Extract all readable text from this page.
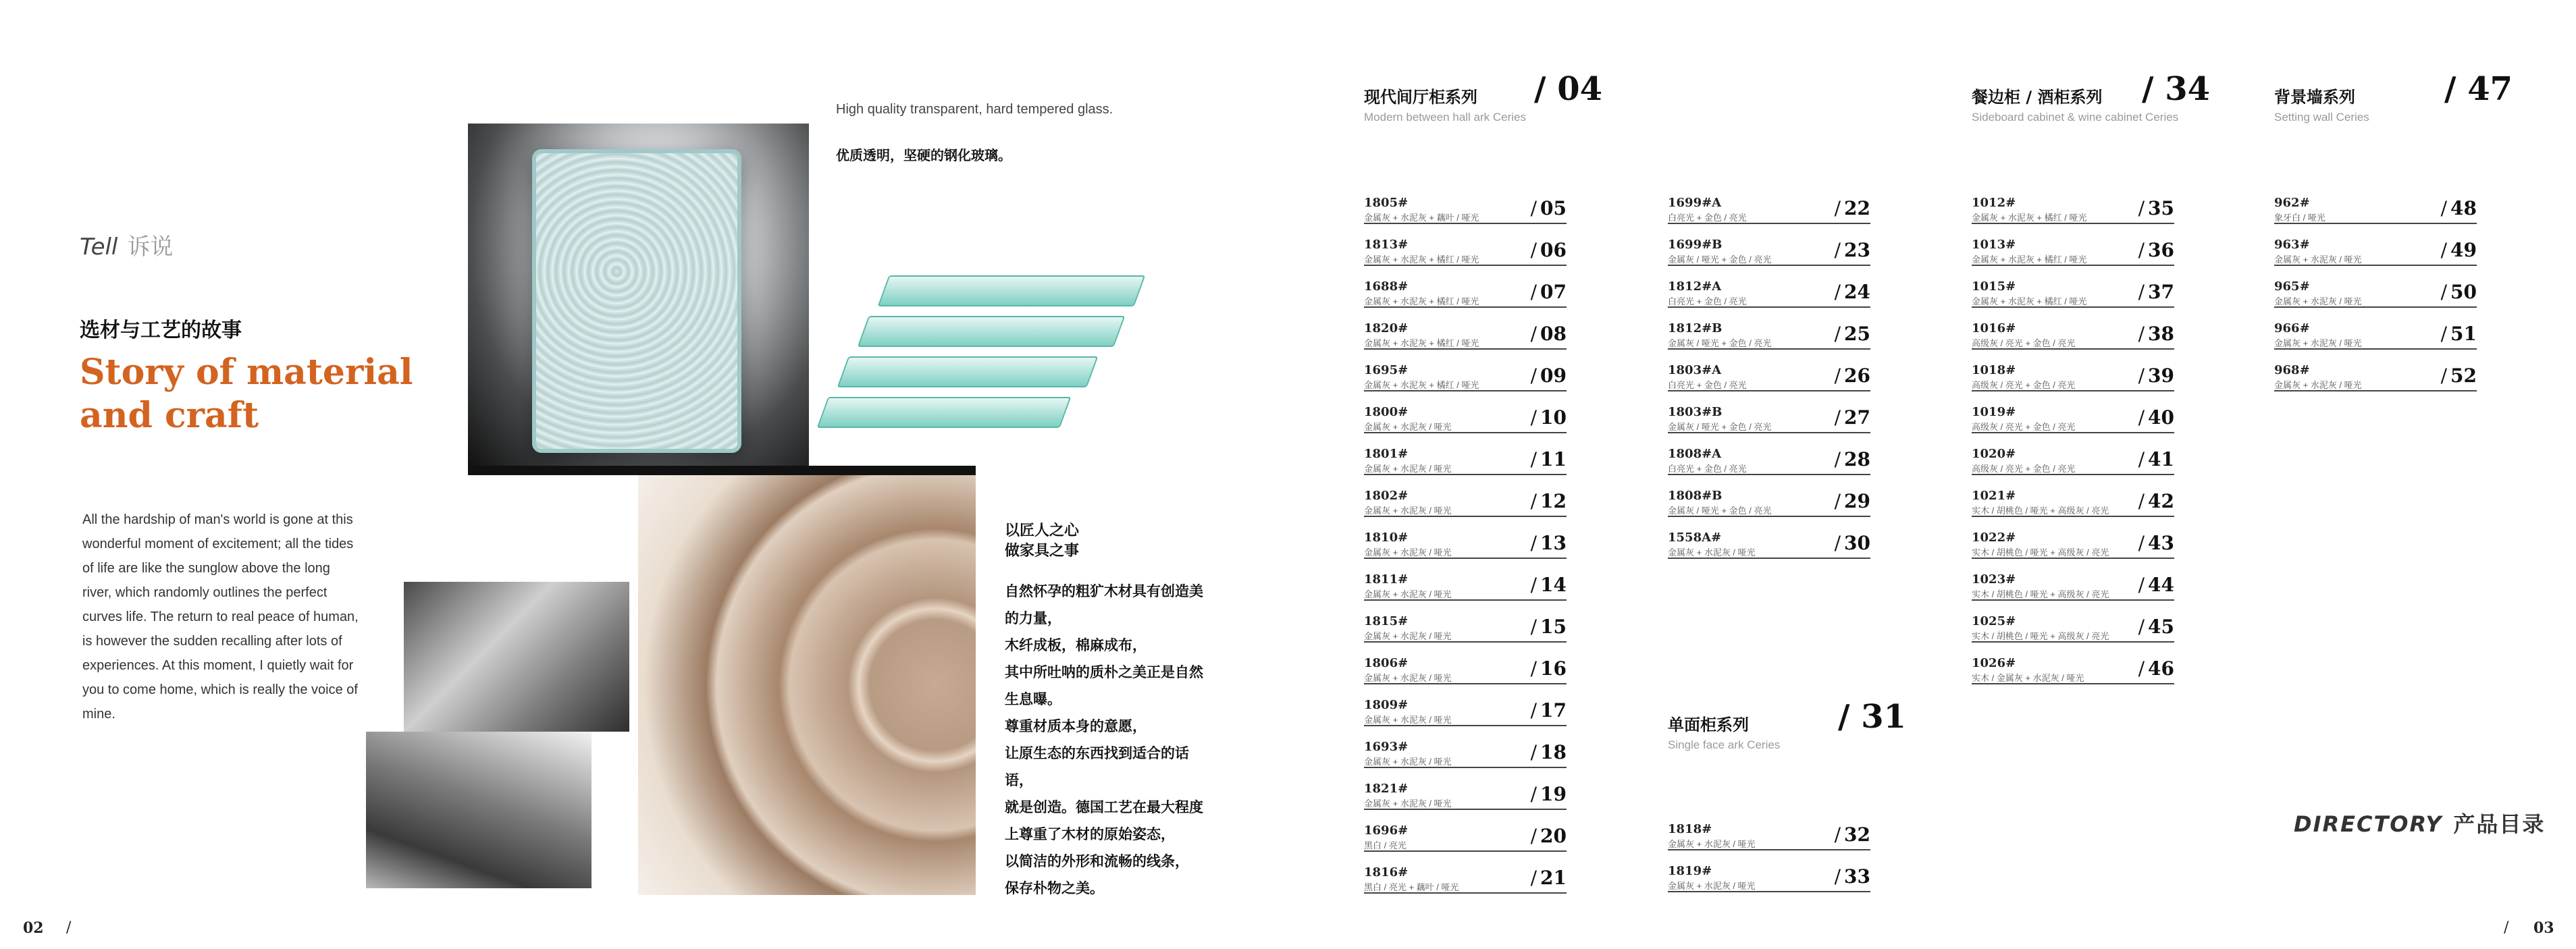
Tell 诉说
选材与工艺的故事
Story of material and craft
All the hardship of man's world is gone at this wonderful moment of excitement; all the tides of life are like the sunglow above the long river, which randomly outlines the perfect curves life. The return to real peace of human, is however the sudden recalling after lots of experiences. At this moment, I quietly wait for you to come home, which is really the voice of mine.
High quality transparent, hard tempered glass.
优质透明，坚硬的钢化玻璃。
以匠人之心
做家具之事
自然怀孕的粗犷木材具有创造美
的力量，
木纤成板，棉麻成布，
其中所吐呐的质朴之美正是自然
生息曝。
尊重材质本身的意愿，
让原生态的东西找到适合的话
语，
就是创造。德国工艺在最大程度
上尊重了木材的原始姿态，
以简洁的外形和流畅的线条，
保存朴物之美。
02 /
现代间厅柜系列
Modern between hall ark Ceries
/ 04
单面柜系列
Single face ark Ceries
/ 31
餐边柜 / 酒柜系列
Sideboard cabinet & wine cabinet Ceries
/ 34	背景墙系列
Setting wall Ceries
/ 47
1805#
金属灰 + 水泥灰 + 藕叶 / 哑光	05
/
1813#
金属灰 + 水泥灰 + 橘红 / 哑光	06
/
1688#
金属灰 + 水泥灰 + 橘红 / 哑光	07
/
1820#
金属灰 + 水泥灰 + 橘红 / 哑光	08
/
1695#
金属灰 + 水泥灰 + 橘红 / 哑光	09
/
1800#
金属灰 + 水泥灰 / 哑光	10
/
1801#
金属灰 + 水泥灰 / 哑光	11
/
1802#
金属灰 + 水泥灰 / 哑光	12
/
1810#
金属灰 + 水泥灰 / 哑光	13
/
1811#
金属灰 + 水泥灰 / 哑光	14
/
1815#
金属灰 + 水泥灰 / 哑光	15
/
1806#
金属灰 + 水泥灰 / 哑光	16
/
1809#
金属灰 + 水泥灰 / 哑光	17
/
1693#
金属灰 + 水泥灰 / 哑光	18
/
1821#
金属灰 + 水泥灰 / 哑光	19
/
1696#
黑白 / 亮光	20
/
1816#
黑白 / 亮光 + 藕叶 / 哑光	21
/
1699#A
白亮光 + 金色 / 亮光	22
/
1699#B
金属灰 / 哑光 + 金色 / 亮光	23
/
1812#A
白亮光 + 金色 / 亮光	24
/
1812#B
金属灰 / 哑光 + 金色 / 亮光	25
/
1803#A
白亮光 + 金色 / 亮光	26
/
1803#B
金属灰 / 哑光 + 金色 / 亮光	27
/
1808#A
白亮光 + 金色 / 亮光	28
/
1808#B
金属灰 / 哑光 + 金色 / 亮光	29
/
1558A#
金属灰 + 水泥灰 / 哑光	30
/
1818#
金属灰 + 水泥灰 / 哑光	32
/
1819#
金属灰 + 水泥灰 / 哑光	33
/
1012#
金属灰 + 水泥灰 + 橘红 / 哑光	35
/
1013#
金属灰 + 水泥灰 + 橘红 / 哑光	36
/
1015#
金属灰 + 水泥灰 + 橘红 / 哑光	37
/
1016#
高级灰 / 亮光 + 金色 / 亮光	38
/
1018#
高级灰 / 亮光 + 金色 / 亮光	39
/
1019#
高级灰 / 亮光 + 金色 / 亮光	40
/
1020#
高级灰 / 亮光 + 金色 / 亮光	41
/
1021#
实木 / 胡桃色 / 哑光 + 高级灰 / 亮光 42
/
1022#
实木 / 胡桃色 / 哑光 + 高级灰 / 亮光 43
/
1023#
实木 / 胡桃色 / 哑光 + 高级灰 / 亮光 44
/
1025#
实木 / 胡桃色 / 哑光 + 高级灰 / 亮光 45
/
1026#
实木 / 金属灰 + 水泥灰 / 哑光	46
/
962#
象牙白 / 哑光	48
/
963#
金属灰 + 水泥灰 / 哑光	49
/
965#
金属灰 + 水泥灰 / 哑光	50
/
966#
金属灰 + 水泥灰 / 哑光	51
/
968#
金属灰 + 水泥灰 / 哑光	52
/
DIRECTORY 产品目录
/ 03
